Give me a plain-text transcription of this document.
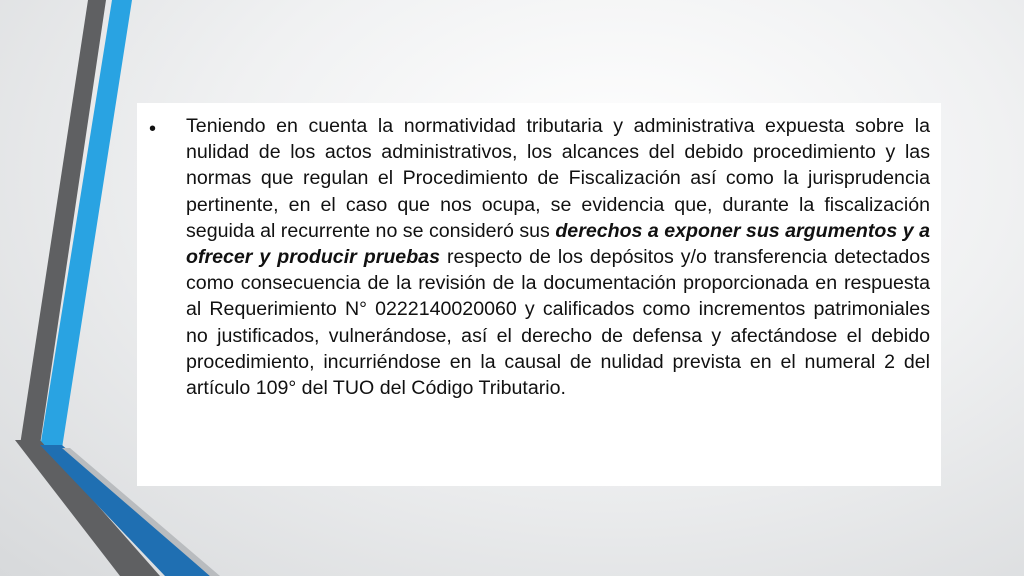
• Teniendo en cuenta la normatividad tributaria y administrativa expuesta sobre la nulidad de los actos administrativos, los alcances del debido procedimiento y las normas que regulan el Procedimiento de Fiscalización así como la jurisprudencia pertinente, en el caso que nos ocupa, se evidencia que, durante la fiscalización seguida al recurrente no se consideró sus derechos a exponer sus argumentos y a ofrecer y producir pruebas respecto de los depósitos y/o transferencia detectados como consecuencia de la revisión de la documentación proporcionada en respuesta al Requerimiento N° 0222140020060 y calificados como incrementos patrimoniales no justificados, vulnerándose, así el derecho de defensa y afectándose el debido procedimiento, incurriéndose en la causal de nulidad prevista en el numeral 2 del artículo 109° del TUO del Código Tributario.
